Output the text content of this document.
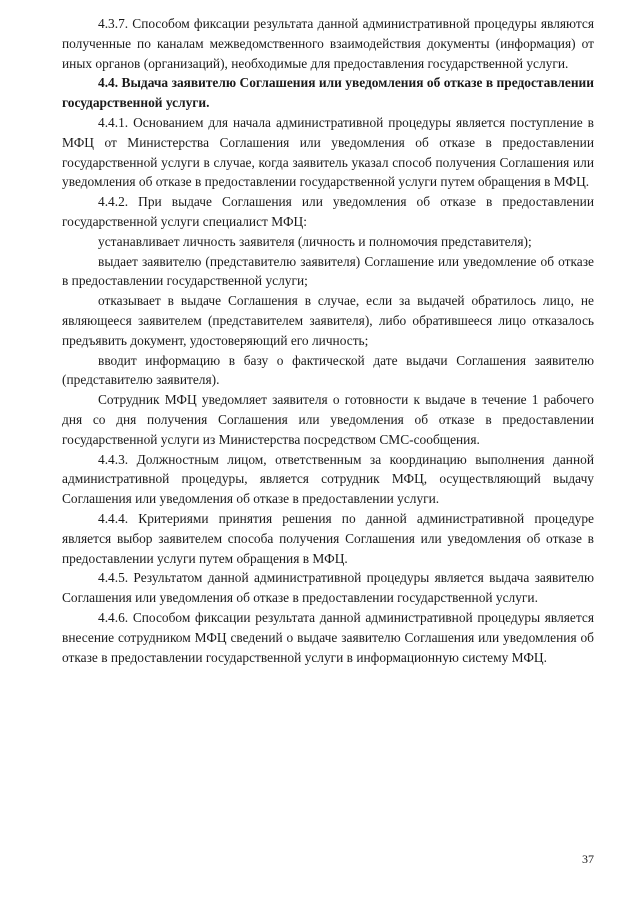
4.3.7. Способом фиксации результата данной административной процедуры являются полученные по каналам межведомственного взаимодействия документы (информация) от иных органов (организаций), необходимые для предоставления государственной услуги.

4.4. Выдача заявителю Соглашения или уведомления об отказе в предоставлении государственной услуги.

4.4.1. Основанием для начала административной процедуры является поступление в МФЦ от Министерства Соглашения или уведомления об отказе в предоставлении государственной услуги в случае, когда заявитель указал способ получения Соглашения или уведомления об отказе в предоставлении государственной услуги путем обращения в МФЦ.

4.4.2. При выдаче Соглашения или уведомления об отказе в предоставлении государственной услуги специалист МФЦ:

устанавливает личность заявителя (личность и полномочия представителя);

выдает заявителю (представителю заявителя) Соглашение или уведомление об отказе в предоставлении государственной услуги;

отказывает в выдаче Соглашения в случае, если за выдачей обратилось лицо, не являющееся заявителем (представителем заявителя), либо обратившееся лицо отказалось предъявить документ, удостоверяющий его личность;

вводит информацию в базу о фактической дате выдачи Соглашения заявителю (представителю заявителя).

Сотрудник МФЦ уведомляет заявителя о готовности к выдаче в течение 1 рабочего дня со дня получения Соглашения или уведомления об отказе в предоставлении государственной услуги из Министерства посредством СМС-сообщения.

4.4.3. Должностным лицом, ответственным за координацию выполнения данной административной процедуры, является сотрудник МФЦ, осуществляющий выдачу Соглашения или уведомления об отказе в предоставлении услуги.

4.4.4. Критериями принятия решения по данной административной процедуре является выбор заявителем способа получения Соглашения или уведомления об отказе в предоставлении услуги путем обращения в МФЦ.

4.4.5. Результатом данной административной процедуры является выдача заявителю Соглашения или уведомления об отказе в предоставлении государственной услуги.

4.4.6. Способом фиксации результата данной административной процедуры является внесение сотрудником МФЦ сведений о выдаче заявителю Соглашения или уведомления об отказе в предоставлении государственной услуги в информационную систему МФЦ.

37
